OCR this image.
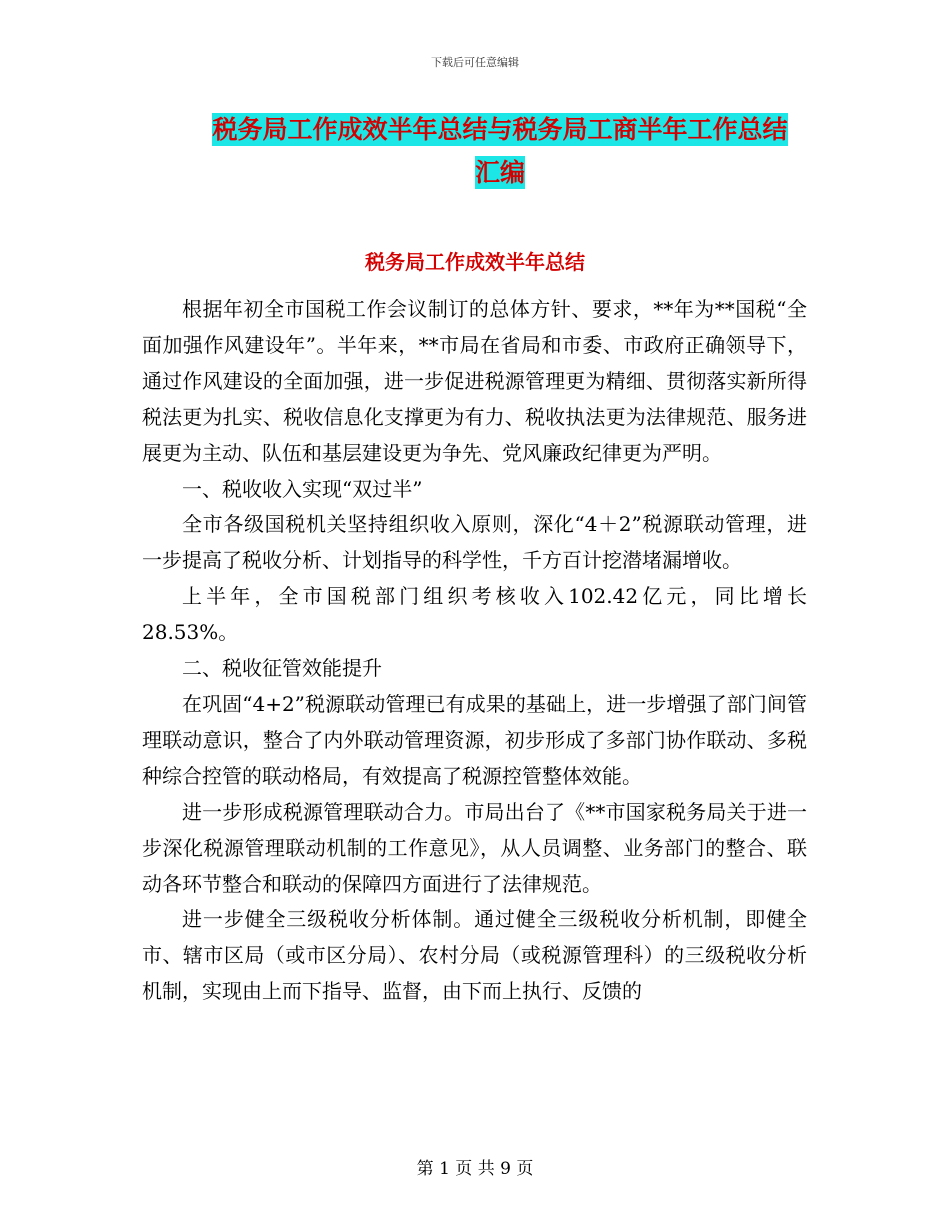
下载后可任意编辑
税务局工作成效半年总结与税务局工商半年工作总结
汇编
税务局工作成效半年总结

根据年初全市国税工作会议制订的总体方针、要求，**年为**国税“全面加强作风建设年”。半年来，**市局在省局和市委、市政府正确领导下，通过作风建设的全面加强，进一步促进税源管理更为精细、贯彻落实新所得税法更为扎实、税收信息化支撑更为有力、税收执法更为法律规范、服务进展更为主动、队伍和基层建设更为争先、党风廉政纪律更为严明。

一、税收收入实现“双过半”

全市各级国税机关坚持组织收入原则，深化“4＋2”税源联动管理，进一步提高了税收分析、计划指导的科学性，千方百计挖潜堵漏增收。

上半年，全市国税部门组织考核收入102.42亿元，同比增长28.53%。

二、税收征管效能提升

在巩固“4+2”税源联动管理已有成果的基础上，进一步增强了部门间管理联动意识，整合了内外联动管理资源，初步形成了多部门协作联动、多税种综合控管的联动格局，有效提高了税源控管整体效能。

进一步形成税源管理联动合力。市局出台了《**市国家税务局关于进一步深化税源管理联动机制的工作意见》，从人员调整、业务部门的整合、联动各环节整合和联动的保障四方面进行了法律规范。

进一步健全三级税收分析体制。通过健全三级税收分析机制，即健全市、辖市区局（或市区分局）、农村分局（或税源管理科）的三级税收分析机制，实现由上而下指导、监督，由下而上执行、反馈的

第 1 页 共 9 页
